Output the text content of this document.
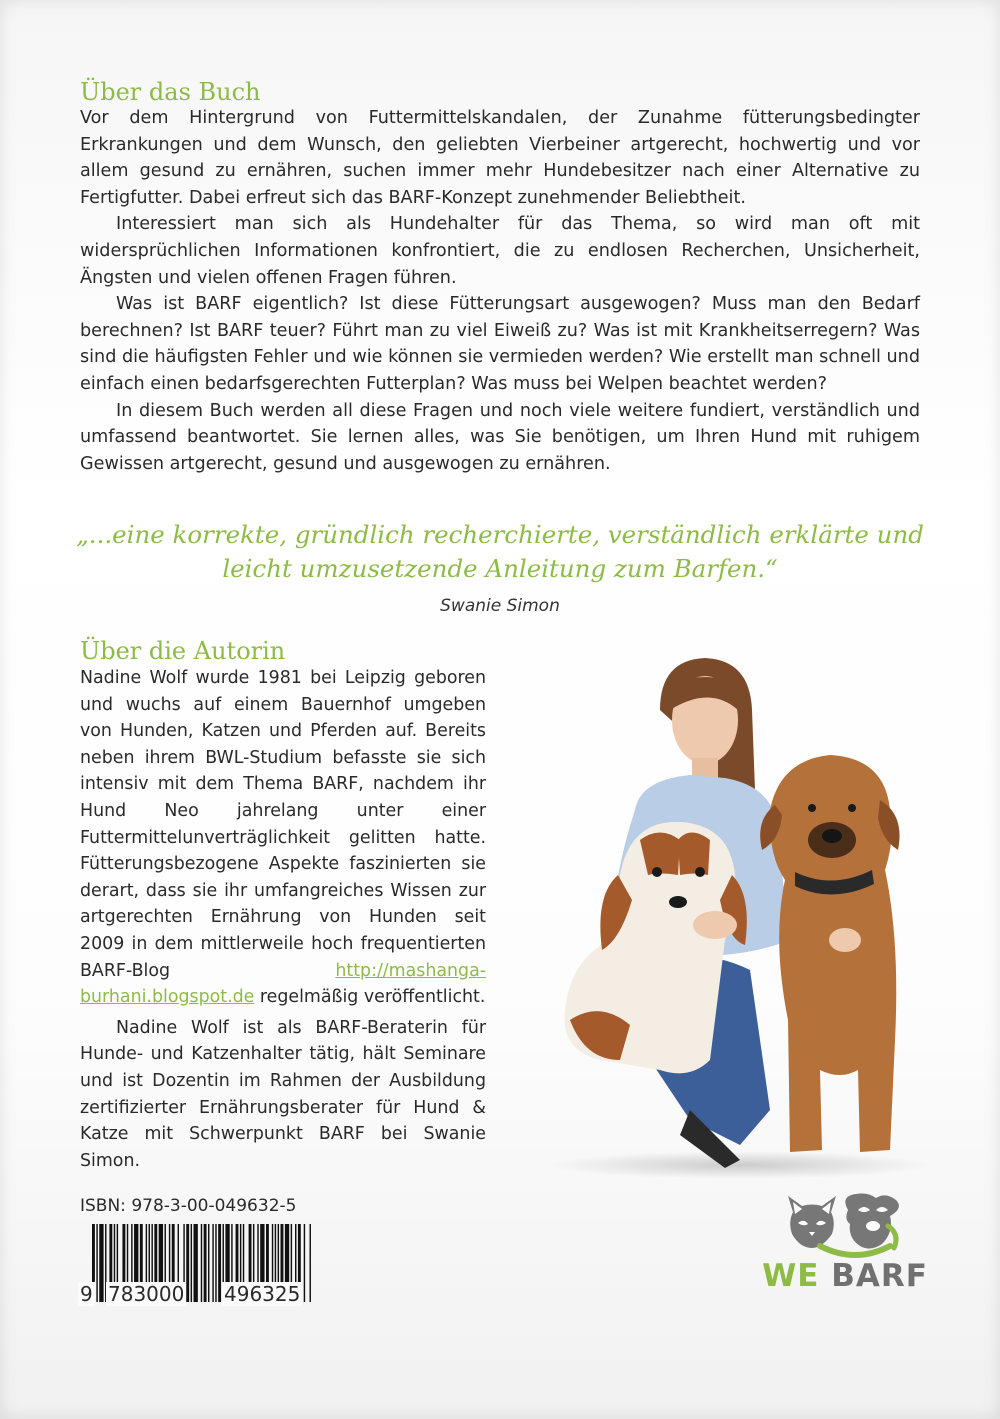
Über das Buch

Vor dem Hintergrund von Futtermittelskandalen, der Zunahme fütterungsbedingter Erkrankungen und dem Wunsch, den geliebten Vierbeiner artgerecht, hochwertig und vor allem gesund zu ernähren, suchen immer mehr Hundebesitzer nach einer Alternative zu Fertigfutter. Dabei erfreut sich das BARF-Konzept zunehmender Beliebtheit.

Interessiert man sich als Hundehalter für das Thema, so wird man oft mit widersprüchlichen Informationen konfrontiert, die zu endlosen Recherchen, Unsicherheit, Ängsten und vielen offenen Fragen führen.

Was ist BARF eigentlich? Ist diese Fütterungsart ausgewogen? Muss man den Bedarf berechnen? Ist BARF teuer? Führt man zu viel Eiweiß zu? Was ist mit Krankheitserregern? Was sind die häufigsten Fehler und wie können sie vermieden werden? Wie erstellt man schnell und einfach einen bedarfsgerechten Futterplan? Was muss bei Welpen beachtet werden?

In diesem Buch werden all diese Fragen und noch viele weitere fundiert, verständlich und umfassend beantwortet. Sie lernen alles, was Sie benötigen, um Ihren Hund mit ruhigem Gewissen artgerecht, gesund und ausgewogen zu ernähren.

„...eine korrekte, gründlich recherchierte, verständlich erklärte und
leicht umzusetzende Anleitung zum Barfen.“
Swanie Simon
Über die Autorin

Nadine Wolf wurde 1981 bei Leipzig geboren und wuchs auf einem Bauernhof umgeben von Hunden, Katzen und Pferden auf. Bereits neben ihrem BWL-Studium befasste sie sich intensiv mit dem Thema BARF, nachdem ihr Hund Neo jahrelang unter einer Futtermittelunverträglichkeit gelitten hatte. Fütterungsbezogene Aspekte faszinierten sie derart, dass sie ihr umfangreiches Wissen zur artgerechten Ernährung von Hunden seit 2009 in dem mittlerweile hoch frequentierten BARF-Blog http://mashanga-burhani.blogspot.de regelmäßig veröffentlicht.

Nadine Wolf ist als BARF-Beraterin für Hunde- und Katzenhalter tätig, hält Seminare und ist Dozentin im Rahmen der Ausbildung zertifizierter Ernährungsberater für Hund & Katze mit Schwerpunkt BARF bei Swanie Simon.

ISBN: 978-3-00-049632-5
9 783000 496325	WE BARF
